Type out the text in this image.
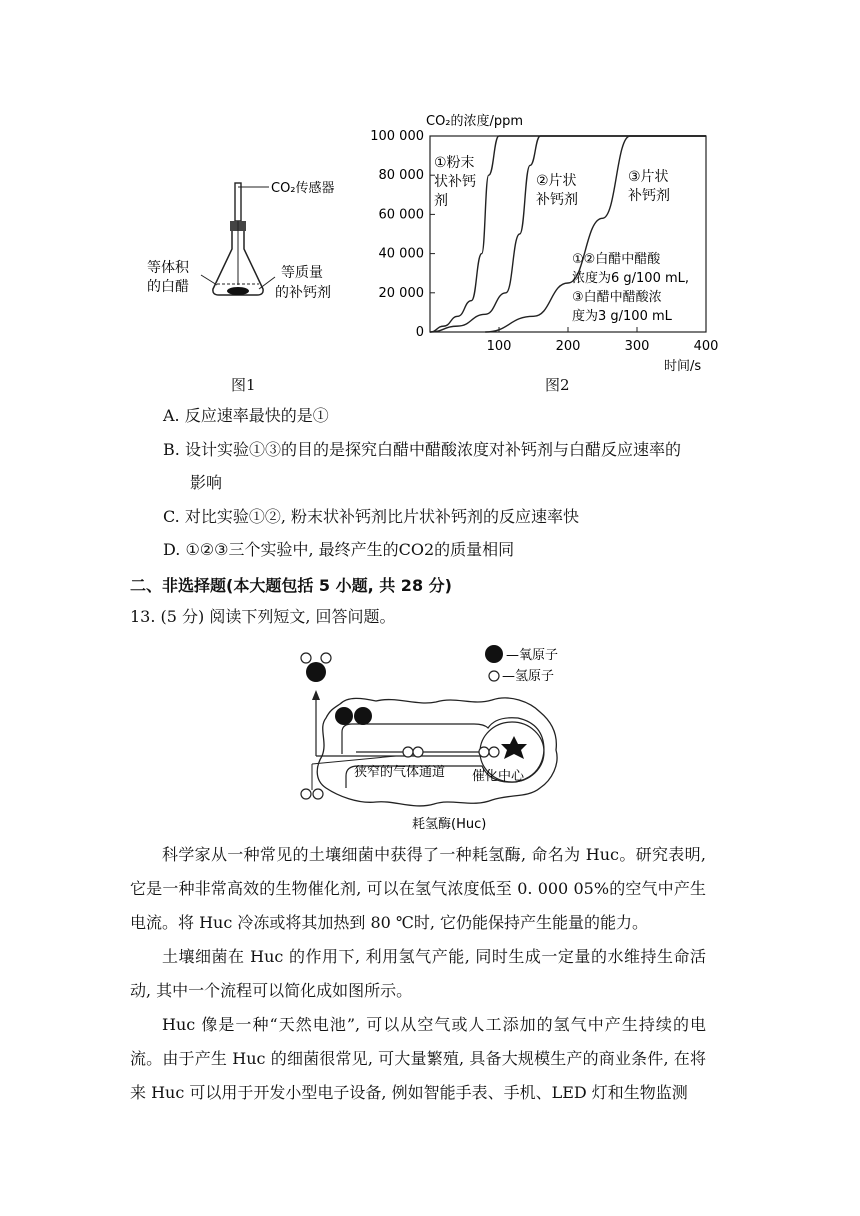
CO₂传感器
等体积
的白醋
等质量
的补钙剂
图1
CO₂的浓度/ppm
0
20 000
40 000
60 000
80 000
100 000
100	200	300	400
①粉末
状补钙
剂
②片状
补钙剂
③片状
补钙剂
①②白醋中醋酸
浓度为6 g/100 mL,
③白醋中醋酸浓
度为3 g/100 mL
时间/s
图2
A. 反应速率最快的是①
B. 设计实验①③的目的是探究白醋中醋酸浓度对补钙剂与白醋反应速率的
影响
C. 对比实验①②, 粉末状补钙剂比片状补钙剂的反应速率快
D. ①②③三个实验中, 最终产生的CO2的质量相同
二、非选择题(本大题包括 5 小题, 共 28 分)
13. (5 分) 阅读下列短文, 回答问题。
—氧原子
—氢原子
狭窄的气体通道 催化中心
耗氢酶(Huc)
科学家从一种常见的土壤细菌中获得了一种耗氢酶, 命名为 Huc。研究表明, 它是一种非常高效的生物催化剂, 可以在氢气浓度低至 0. 000 05%的空气中产生电流。将 Huc 冷冻或将其加热到 80 ℃时, 它仍能保持产生能量的能力。
土壤细菌在 Huc 的作用下, 利用氢气产能, 同时生成一定量的水维持生命活动, 其中一个流程可以简化成如图所示。
Huc 像是一种“天然电池”, 可以从空气或人工添加的氢气中产生持续的电流。由于产生 Huc 的细菌很常见, 可大量繁殖, 具备大规模生产的商业条件, 在将来 Huc 可以用于开发小型电子设备, 例如智能手表、手机、LED 灯和生物监测
